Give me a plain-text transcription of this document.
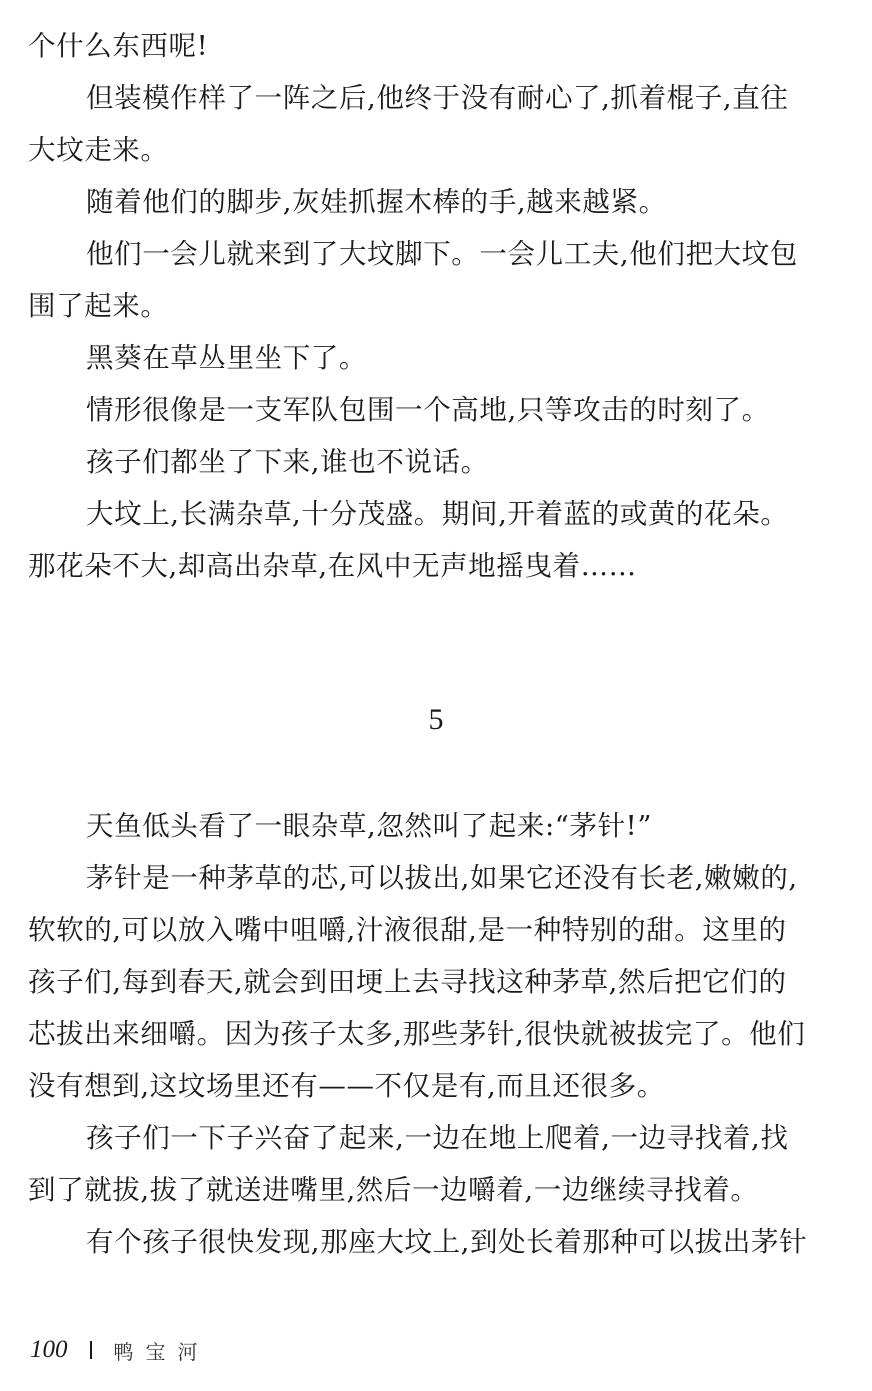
个什么东西呢!
但装模作样了一阵之后,他终于没有耐心了,抓着棍子,直往
大坟走来。
随着他们的脚步,灰娃抓握木棒的手,越来越紧。
他们一会儿就来到了大坟脚下。一会儿工夫,他们把大坟包
围了起来。
黑葵在草丛里坐下了。
情形很像是一支军队包围一个高地,只等攻击的时刻了。
孩子们都坐了下来,谁也不说话。
大坟上,长满杂草,十分茂盛。期间,开着蓝的或黄的花朵。
那花朵不大,却高出杂草,在风中无声地摇曳着……
5
天鱼低头看了一眼杂草,忽然叫了起来:“茅针!”
茅针是一种茅草的芯,可以拔出,如果它还没有长老,嫩嫩的,
软软的,可以放入嘴中咀嚼,汁液很甜,是一种特别的甜。这里的
孩子们,每到春天,就会到田埂上去寻找这种茅草,然后把它们的
芯拔出来细嚼。因为孩子太多,那些茅针,很快就被拔完了。他们
没有想到,这坟场里还有——不仅是有,而且还很多。
孩子们一下子兴奋了起来,一边在地上爬着,一边寻找着,找
到了就拔,拔了就送进嘴里,然后一边嚼着,一边继续寻找着。
有个孩子很快发现,那座大坟上,到处长着那种可以拔出茅针
100 鸭宝河
